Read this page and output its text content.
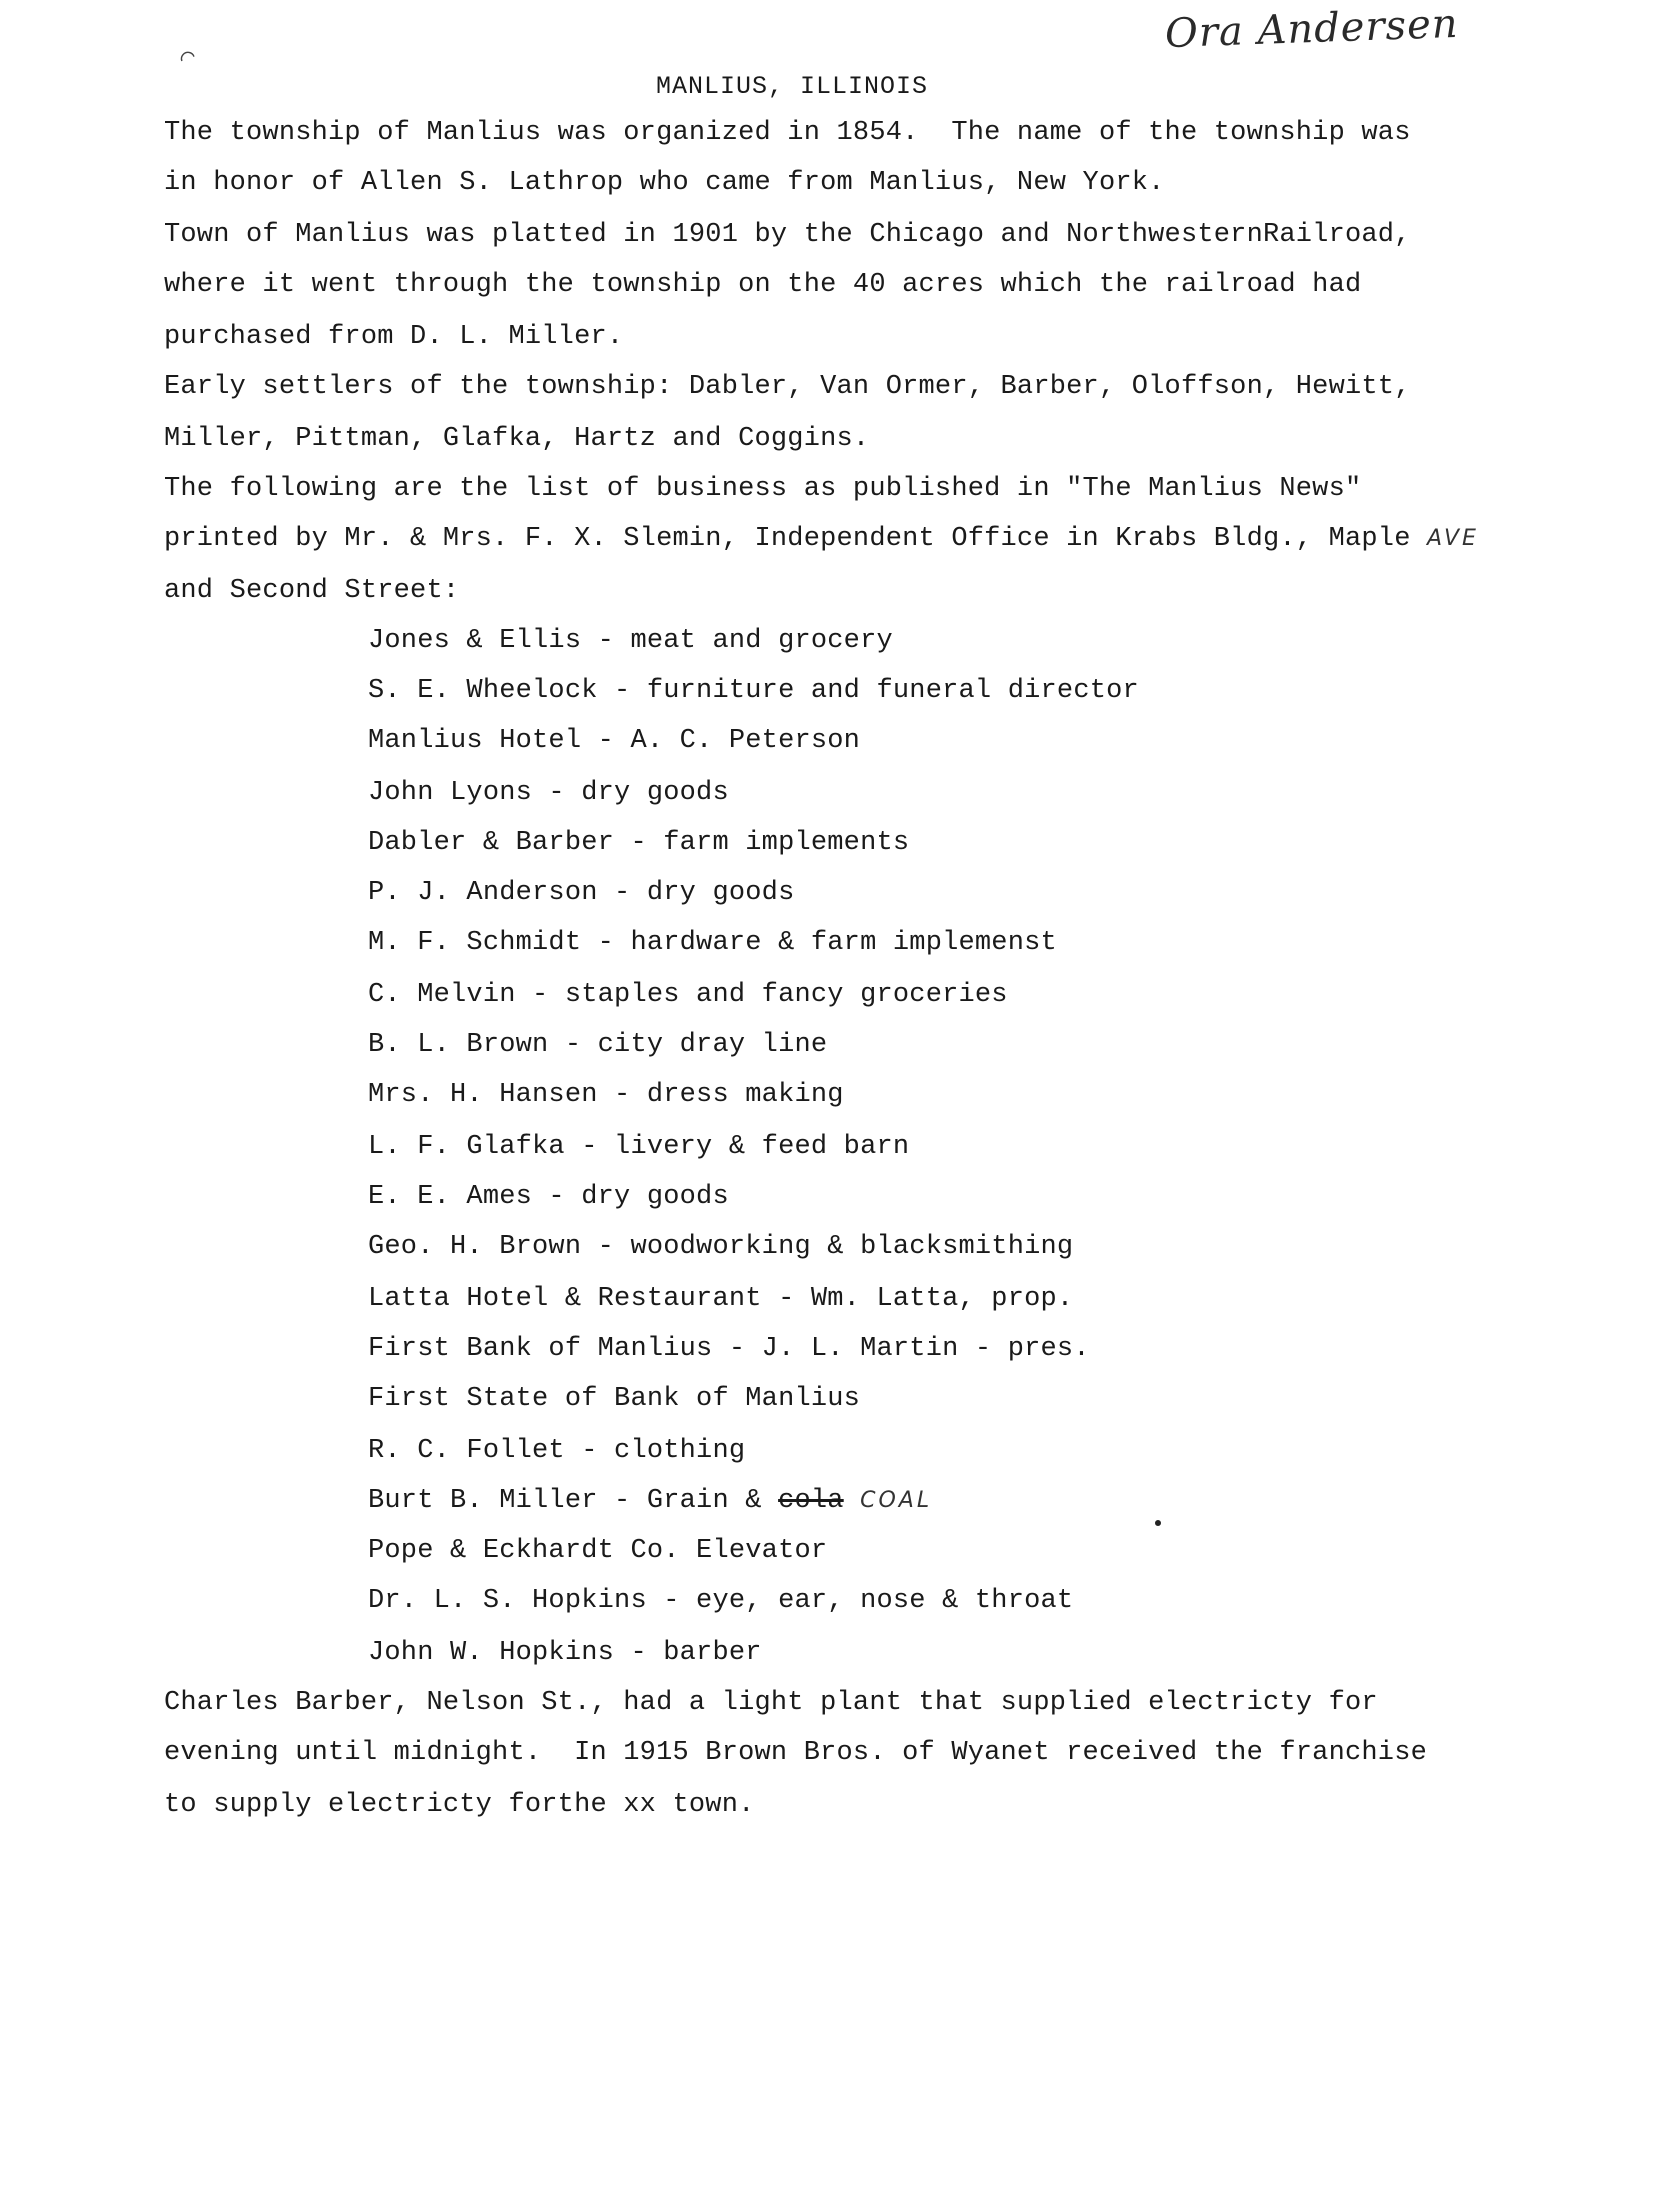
⌒
Ora Andersen
MANLIUS, ILLINOIS
The township of Manlius was organized in 1854.  The name of the township was
in honor of Allen S. Lathrop who came from Manlius, New York.
Town of Manlius was platted in 1901 by the Chicago and NorthwesternRailroad,
where it went through the township on the 40 acres which the railroad had
purchased from D. L. Miller.
Early settlers of the township: Dabler, Van Ormer, Barber, Oloffson, Hewitt,
Miller, Pittman, Glafka, Hartz and Coggins.
The following are the list of business as published in "The Manlius News"
printed by Mr. & Mrs. F. X. Slemin, Independent Office in Krabs Bldg., Maple AVE
and Second Street:
Jones & Ellis - meat and grocery
S. E. Wheelock - furniture and funeral director
Manlius Hotel - A. C. Peterson
John Lyons - dry goods
Dabler & Barber - farm implements
P. J. Anderson - dry goods
M. F. Schmidt - hardware & farm implemenst
C. Melvin - staples and fancy groceries
B. L. Brown - city dray line
Mrs. H. Hansen - dress making
L. F. Glafka - livery & feed barn
E. E. Ames - dry goods
Geo. H. Brown - woodworking & blacksmithing
Latta Hotel & Restaurant - Wm. Latta, prop.
First Bank of Manlius - J. L. Martin - pres.
First State of Bank of Manlius
R. C. Follet - clothing
Burt B. Miller - Grain & cola COAL
Pope & Eckhardt Co. Elevator
Dr. L. S. Hopkins - eye, ear, nose & throat
John W. Hopkins - barber
Charles Barber, Nelson St., had a light plant that supplied electricty for
evening until midnight.  In 1915 Brown Bros. of Wyanet received the franchise
to supply electricty forthe xx town.
